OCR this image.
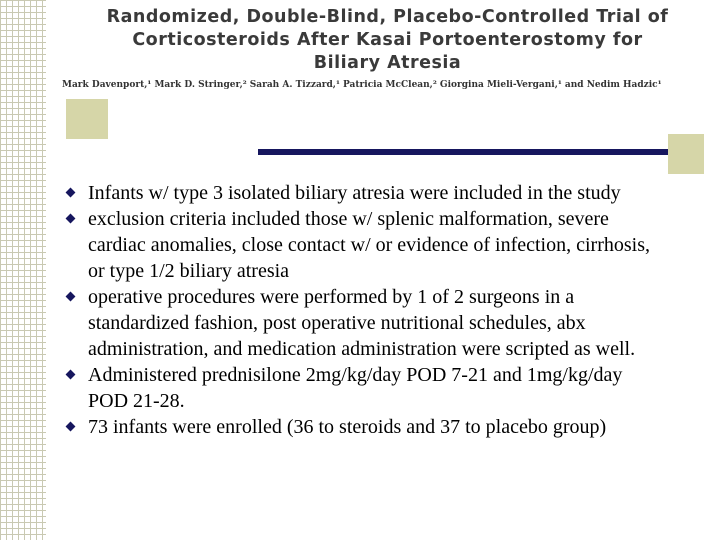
Randomized, Double-Blind, Placebo-Controlled Trial of
Corticosteroids After Kasai Portoenterostomy for
Biliary Atresia
Mark Davenport,¹ Mark D. Stringer,² Sarah A. Tizzard,¹ Patricia McClean,² Giorgina Mieli-Vergani,¹ and Nedim Hadzic¹
Infants w/ type 3 isolated biliary atresia were included in the study
exclusion criteria included those w/ splenic malformation, severe cardiac anomalies, close contact w/ or evidence of infection, cirrhosis, or type 1/2 biliary atresia
operative procedures were performed by 1 of 2 surgeons in a standardized fashion, post operative nutritional schedules, abx administration, and medication administration were scripted as well.
Administered prednisilone 2mg/kg/day POD 7-21 and 1mg/kg/day POD 21-28.
73 infants were enrolled (36 to steroids and 37 to placebo group)
